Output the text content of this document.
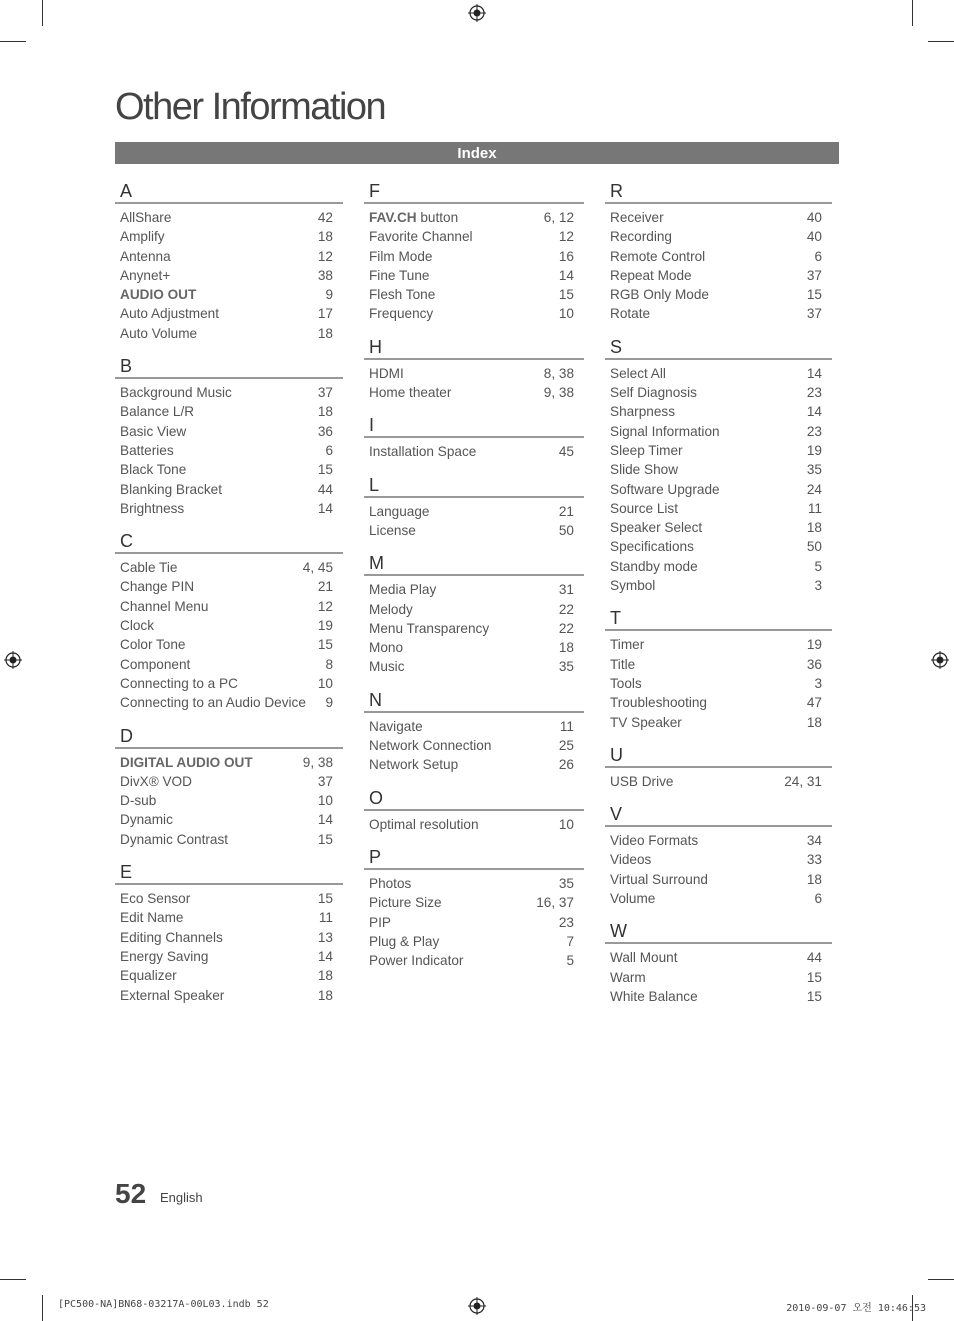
Other Information
Index
A
AllShare	42
Amplify	18
Antenna	12
Anynet+	38
AUDIO OUT	9
Auto Adjustment	17
Auto Volume	18
B
Background Music	37
Balance L/R	18
Basic View	36
Batteries	6
Black Tone	15
Blanking Bracket	44
Brightness	14
C
Cable Tie	4, 45
Change PIN	21
Channel Menu	12
Clock	19
Color Tone	15
Component	8
Connecting to a PC	10
Connecting to an Audio Device 9
D
DIGITAL AUDIO OUT	9, 38
DivX® VOD	37
D-sub	10
Dynamic	14
Dynamic Contrast	15
E
Eco Sensor	15
Edit Name	11
Editing Channels	13
Energy Saving	14
Equalizer	18
External Speaker	18
F
FAV.CH button	6, 12
Favorite Channel	12
Film Mode	16
Fine Tune	14
Flesh Tone	15
Frequency	10
H
HDMI	8, 38
Home theater	9, 38
I
Installation Space	45
L
Language	21
License	50
M
Media Play	31
Melody	22
Menu Transparency	22
Mono	18
Music	35
N
Navigate	11
Network Connection	25
Network Setup	26
O
Optimal resolution	10
P
Photos	35
Picture Size	16, 37
PIP	23
Plug & Play	7
Power Indicator	5
R
Receiver	40
Recording	40
Remote Control	6
Repeat Mode	37
RGB Only Mode	15
Rotate	37
S
Select All	14
Self Diagnosis	23
Sharpness	14
Signal Information	23
Sleep Timer	19
Slide Show	35
Software Upgrade	24
Source List	11
Speaker Select	18
Specifications	50
Standby mode	5
Symbol	3
T
Timer	19
Title	36
Tools	3
Troubleshooting	47
TV Speaker	18
U
USB Drive	24, 31
V
Video Formats	34
Videos	33
Virtual Surround	18
Volume	6
W
Wall Mount	44
Warm	15
White Balance	15
52 English
[PC500-NA]BN68-03217A-00L03.indb 52	2010-09-07 오전 10:46:53
